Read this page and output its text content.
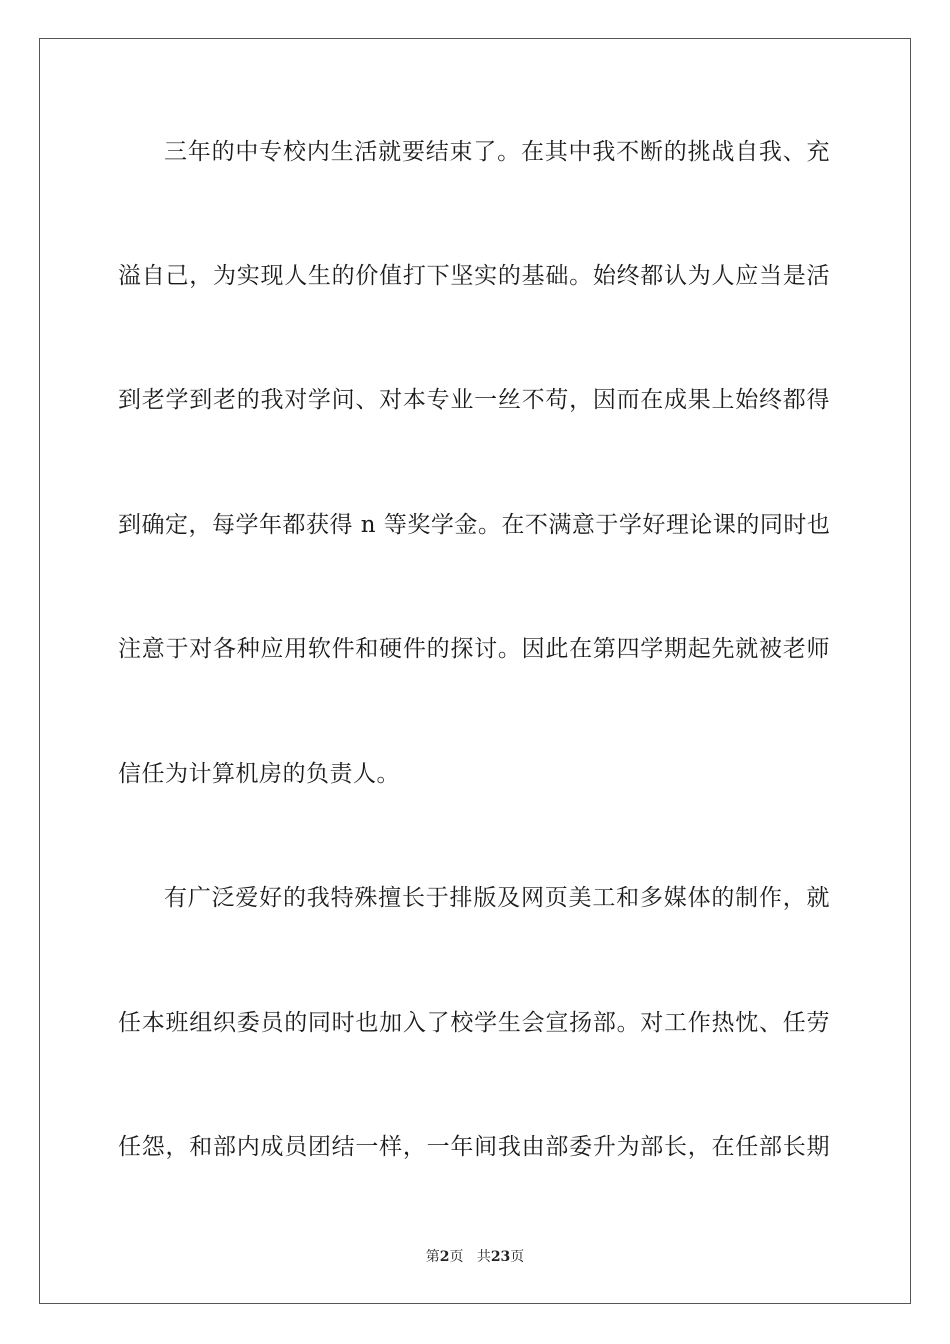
三年的中专校内生活就要结束了。在其中我不断的挑战自我、充
溢自己，为实现人生的价值打下坚实的基础。始终都认为人应当是活
到老学到老的我对学问、对本专业一丝不苟，因而在成果上始终都得
到确定，每学年都获得 n 等奖学金。在不满意于学好理论课的同时也
注意于对各种应用软件和硬件的探讨。因此在第四学期起先就被老师
信任为计算机房的负责人。
有广泛爱好的我特殊擅长于排版及网页美工和多媒体的制作，就
任本班组织委员的同时也加入了校学生会宣扬部。对工作热忱、任劳
任怨，和部内成员团结一样，一年间我由部委升为部长，在任部长期
第2页 共23页
